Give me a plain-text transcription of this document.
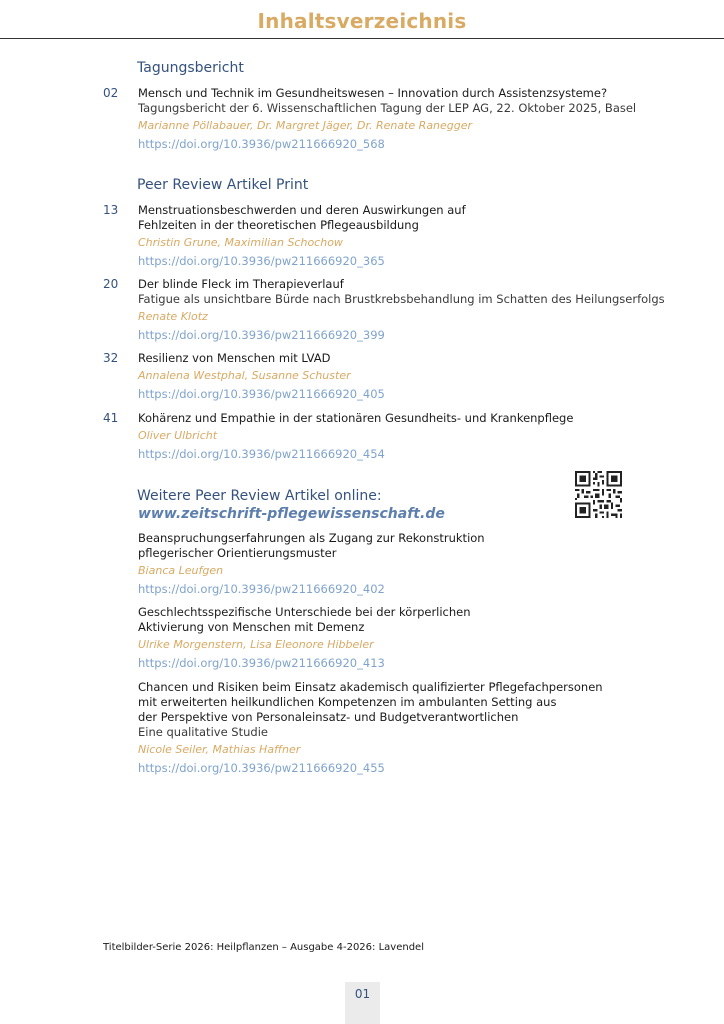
Inhaltsverzeichnis
Tagungsbericht
02 Mensch und Technik im Gesundheitswesen – Innovation durch Assistenzsysteme?
Tagungsbericht der 6. Wissenschaftlichen Tagung der LEP AG, 22. Oktober 2025, Basel
Marianne Pöllabauer, Dr. Margret Jäger, Dr. Renate Ranegger
https://doi.org/10.3936/pw211666920_568
Peer Review Artikel Print
13 Menstruationsbeschwerden und deren Auswirkungen auf
Fehlzeiten in der theoretischen Pflegeausbildung
Christin Grune, Maximilian Schochow
https://doi.org/10.3936/pw211666920_365
20 Der blinde Fleck im Therapieverlauf
Fatigue als unsichtbare Bürde nach Brustkrebsbehandlung im Schatten des Heilungserfolgs
Renate Klotz
https://doi.org/10.3936/pw211666920_399
32 Resilienz von Menschen mit LVAD
Annalena Westphal, Susanne Schuster
https://doi.org/10.3936/pw211666920_405
41 Kohärenz und Empathie in der stationären Gesundheits- und Krankenpflege
Oliver Ulbricht
https://doi.org/10.3936/pw211666920_454
Weitere Peer Review Artikel online:
www.zeitschrift-pflegewissenschaft.de
Beanspruchungserfahrungen als Zugang zur Rekonstruktion
pflegerischer Orientierungsmuster
Bianca Leufgen
https://doi.org/10.3936/pw211666920_402
Geschlechtsspezifische Unterschiede bei der körperlichen
Aktivierung von Menschen mit Demenz
Ulrike Morgenstern, Lisa Eleonore Hibbeler
https://doi.org/10.3936/pw211666920_413
Chancen und Risiken beim Einsatz akademisch qualifizierter Pflegefachpersonen
mit erweiterten heilkundlichen Kompetenzen im ambulanten Setting aus
der Perspektive von Personaleinsatz- und Budgetverantwortlichen
Eine qualitative Studie
Nicole Seiler, Mathias Haffner
https://doi.org/10.3936/pw211666920_455
Titelbilder-Serie 2026: Heilpflanzen – Ausgabe 4-2026: Lavendel
01
